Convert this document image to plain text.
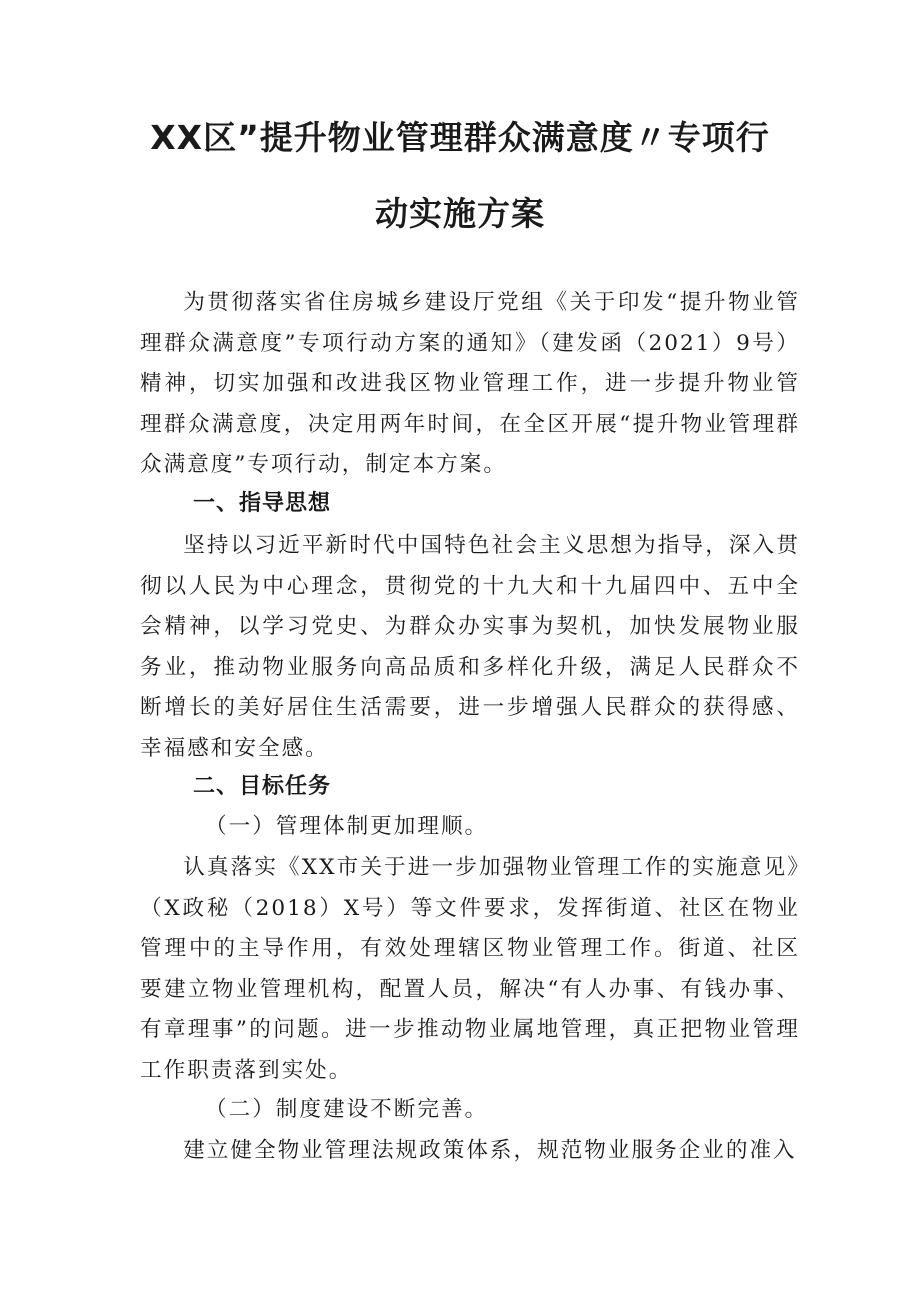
XX区”提升物业管理群众满意度〃专项行
动实施方案

为贯彻落实省住房城乡建设厅党组《关于印发“提升物业管理群众满意度”专项行动方案的通知》（建发函（2021）9号）精神，切实加强和改进我区物业管理工作，进一步提升物业管理群众满意度，决定用两年时间，在全区开展“提升物业管理群众满意度”专项行动，制定本方案。

一、指导思想

坚持以习近平新时代中国特色社会主义思想为指导，深入贯彻以人民为中心理念，贯彻党的十九大和十九届四中、五中全会精神，以学习党史、为群众办实事为契机，加快发展物业服务业，推动物业服务向高品质和多样化升级，满足人民群众不断增长的美好居住生活需要，进一步增强人民群众的获得感、幸福感和安全感。

二、目标任务

（一）管理体制更加理顺。

认真落实《XX市关于进一步加强物业管理工作的实施意见》（X政秘（2018）X号）等文件要求，发挥街道、社区在物业管理中的主导作用，有效处理辖区物业管理工作。街道、社区要建立物业管理机构，配置人员，解决“有人办事、有钱办事、有章理事”的问题。进一步推动物业属地管理，真正把物业管理工作职责落到实处。

（二）制度建设不断完善。

建立健全物业管理法规政策体系，规范物业服务企业的准入
